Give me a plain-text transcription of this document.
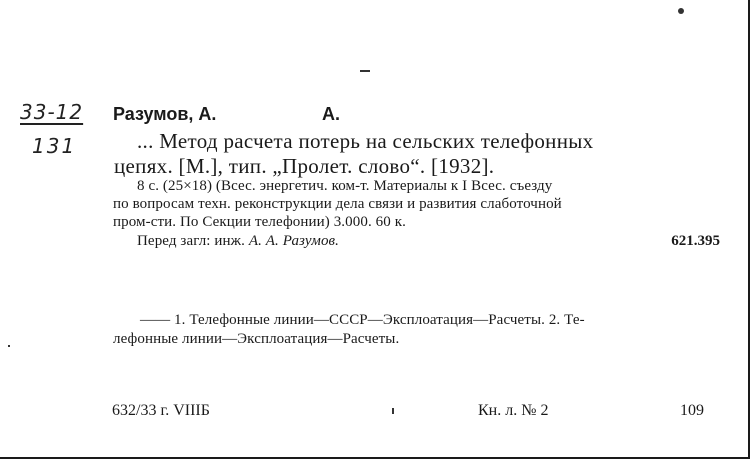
33-12
131
Разумов, А.	А.
... Метод расчета потерь на сельских телефонных
цепях. [М.], тип. „Пролет. слово“. [1932].
8 с. (25×18) (Всес. энергетич. ком-т. Материалы к I Всес. съезду
по вопросам техн. реконструкции дела связи и развития слаботочной
пром-сти. По Секции телефонии) 3.000. 60 к.
Перед загл: инж. А. А. Разумов.	621.395
—— 1. Телефонные линии—СССР—Эксплоатация—Расчеты. 2. Те-
лефонные линии—Эксплоатация—Расчеты.
632/33 г. VIIIБ	Кн. л. № 2	109
